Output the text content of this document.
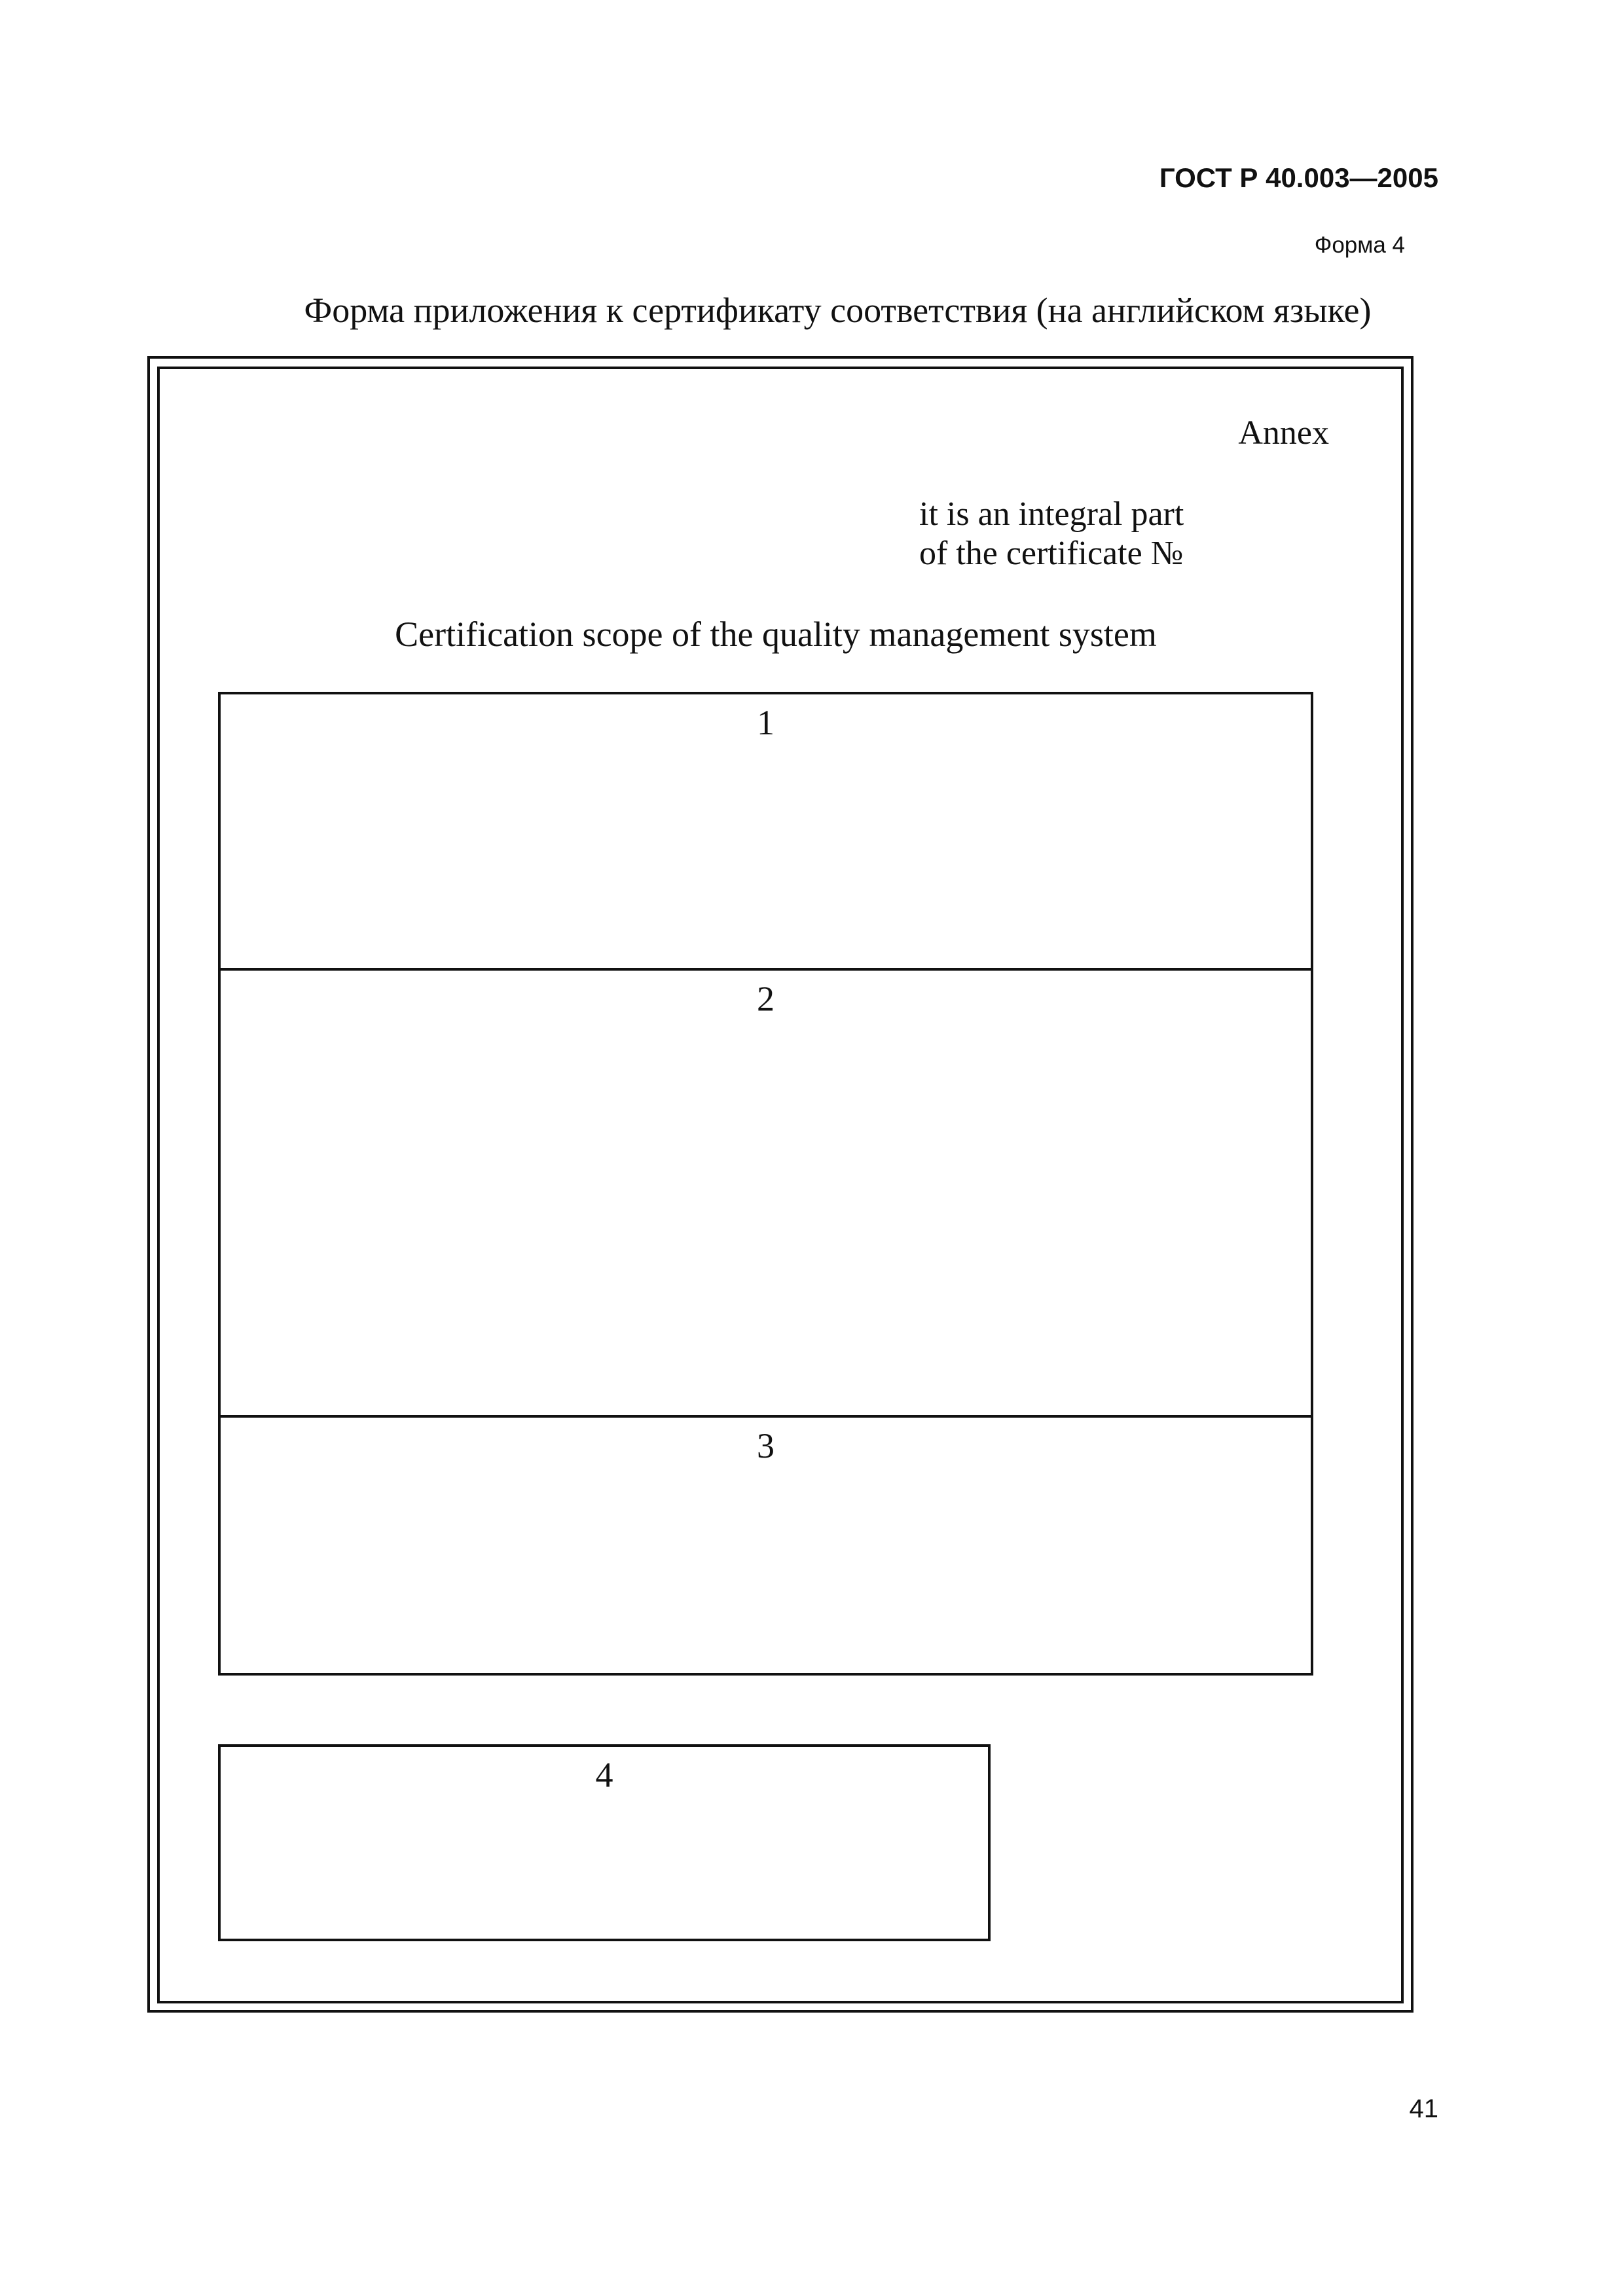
ГОСТ Р 40.003—2005
Форма 4
Форма приложения к сертификату соответствия (на английском языке)
Annex
it is an integral part
of the certificate №
Certification scope of the quality management system
1
2
3
4
41
